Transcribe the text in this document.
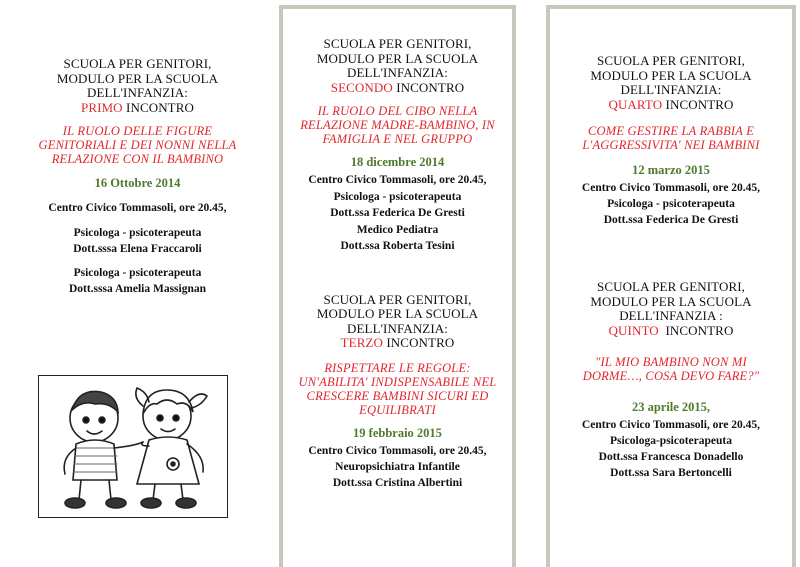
SCUOLA PER GENITORI,

MODULO PER LA SCUOLA

DELL'INFANZIA:

PRIMO INCONTRO

IL RUOLO DELLE FIGURE

GENITORIALI E DEI NONNI NELLA

RELAZIONE CON IL BAMBINO

16 Ottobre 2014

Centro Civico Tommasoli, ore 20.45,

Psicologa - psicoterapeuta

Dott.sssa Elena Fraccaroli

Psicologa - psicoterapeuta

Dott.sssa Amelia Massignan

SCUOLA PER GENITORI,

MODULO PER LA SCUOLA

DELL'INFANZIA:

SECONDO INCONTRO

IL RUOLO DEL CIBO NELLA

RELAZIONE MADRE-BAMBINO, IN

FAMIGLIA E NEL GRUPPO

18 dicembre 2014

Centro Civico Tommasoli, ore 20.45,

Psicologa - psicoterapeuta

Dott.ssa Federica De Gresti

Medico Pediatra

Dott.ssa Roberta Tesini

SCUOLA PER GENITORI,

MODULO PER LA SCUOLA

DELL'INFANZIA:

TERZO INCONTRO

RISPETTARE LE REGOLE:

UN'ABILITA' INDISPENSABILE NEL

CRESCERE BAMBINI SICURI ED

EQUILIBRATI

19 febbraio 2015

Centro Civico Tommasoli, ore 20.45,

Neuropsichiatra Infantile

Dott.ssa Cristina Albertini

SCUOLA PER GENITORI,

MODULO PER LA SCUOLA

DELL'INFANZIA:

QUARTO INCONTRO

COME GESTIRE LA RABBIA E

L'AGGRESSIVITA' NEI BAMBINI

12 marzo 2015

Centro Civico Tommasoli, ore 20.45,

Psicologa - psicoterapeuta

Dott.ssa Federica De Gresti

SCUOLA PER GENITORI,

MODULO PER LA SCUOLA

DELL'INFANZIA :

QUINTO  INCONTRO

"IL MIO BAMBINO NON MI

DORME…, COSA DEVO FARE?"

23 aprile 2015,

Centro Civico Tommasoli, ore 20.45,

Psicologa-psicoterapeuta

Dott.ssa Francesca Donadello

Dott.ssa Sara Bertoncelli
